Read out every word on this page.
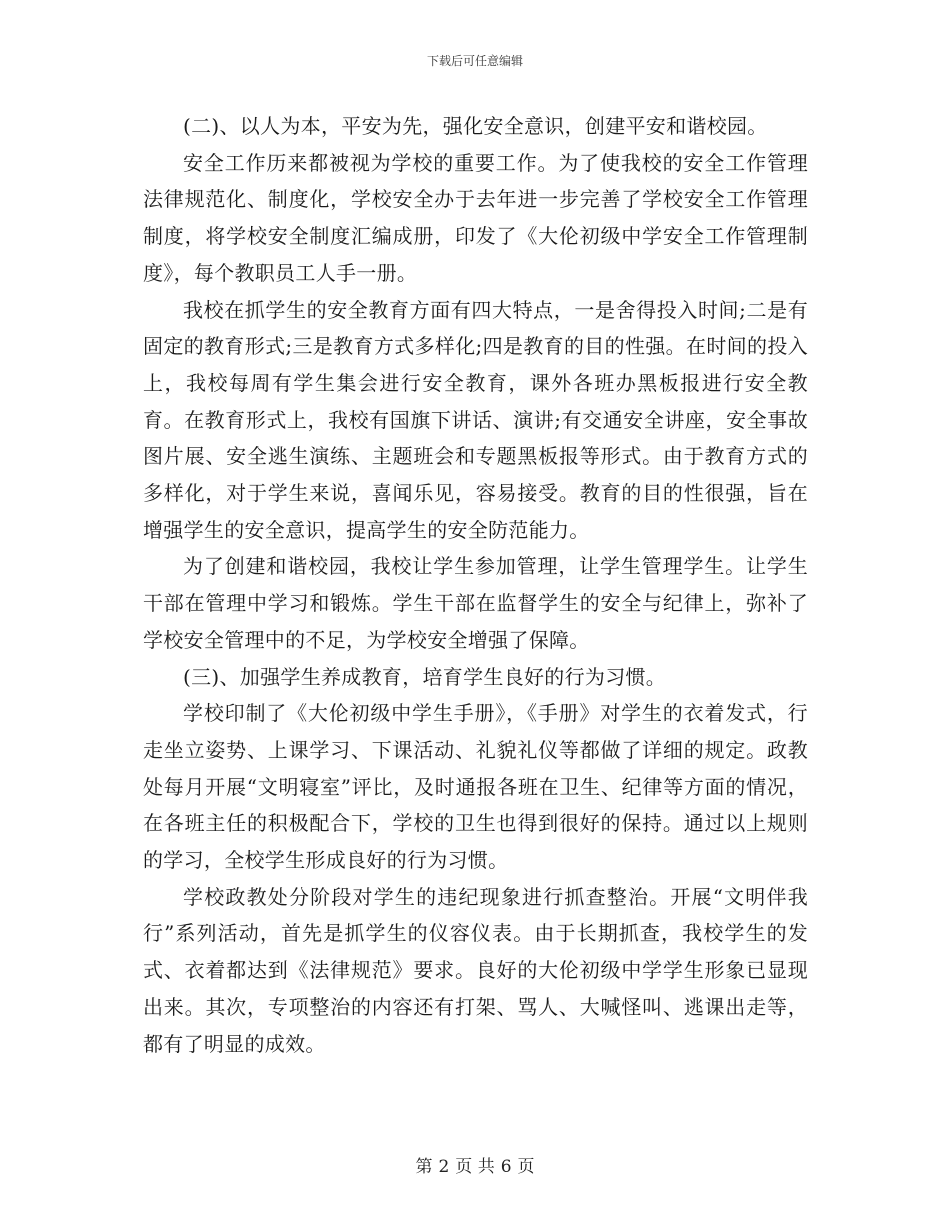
下载后可任意编辑

(二)、以人为本，平安为先，强化安全意识，创建平安和谐校园。

安全工作历来都被视为学校的重要工作。为了使我校的安全工作管理法律规范化、制度化，学校安全办于去年进一步完善了学校安全工作管理制度，将学校安全制度汇编成册，印发了《大伦初级中学安全工作管理制度》，每个教职员工人手一册。

我校在抓学生的安全教育方面有四大特点，一是舍得投入时间;二是有固定的教育形式;三是教育方式多样化;四是教育的目的性强。在时间的投入上，我校每周有学生集会进行安全教育，课外各班办黑板报进行安全教育。在教育形式上，我校有国旗下讲话、演讲;有交通安全讲座，安全事故图片展、安全逃生演练、主题班会和专题黑板报等形式。由于教育方式的多样化，对于学生来说，喜闻乐见，容易接受。教育的目的性很强，旨在增强学生的安全意识，提高学生的安全防范能力。

为了创建和谐校园，我校让学生参加管理，让学生管理学生。让学生干部在管理中学习和锻炼。学生干部在监督学生的安全与纪律上，弥补了学校安全管理中的不足，为学校安全增强了保障。

(三)、加强学生养成教育，培育学生良好的行为习惯。

学校印制了《大伦初级中学生手册》，《手册》对学生的衣着发式，行走坐立姿势、上课学习、下课活动、礼貌礼仪等都做了详细的规定。政教处每月开展“文明寝室”评比，及时通报各班在卫生、纪律等方面的情况，在各班主任的积极配合下，学校的卫生也得到很好的保持。通过以上规则的学习，全校学生形成良好的行为习惯。

学校政教处分阶段对学生的违纪现象进行抓查整治。开展“文明伴我行”系列活动，首先是抓学生的仪容仪表。由于长期抓查，我校学生的发式、衣着都达到《法律规范》要求。良好的大伦初级中学学生形象已显现出来。其次，专项整治的内容还有打架、骂人、大喊怪叫、逃课出走等，都有了明显的成效。

第 2 页 共 6 页
